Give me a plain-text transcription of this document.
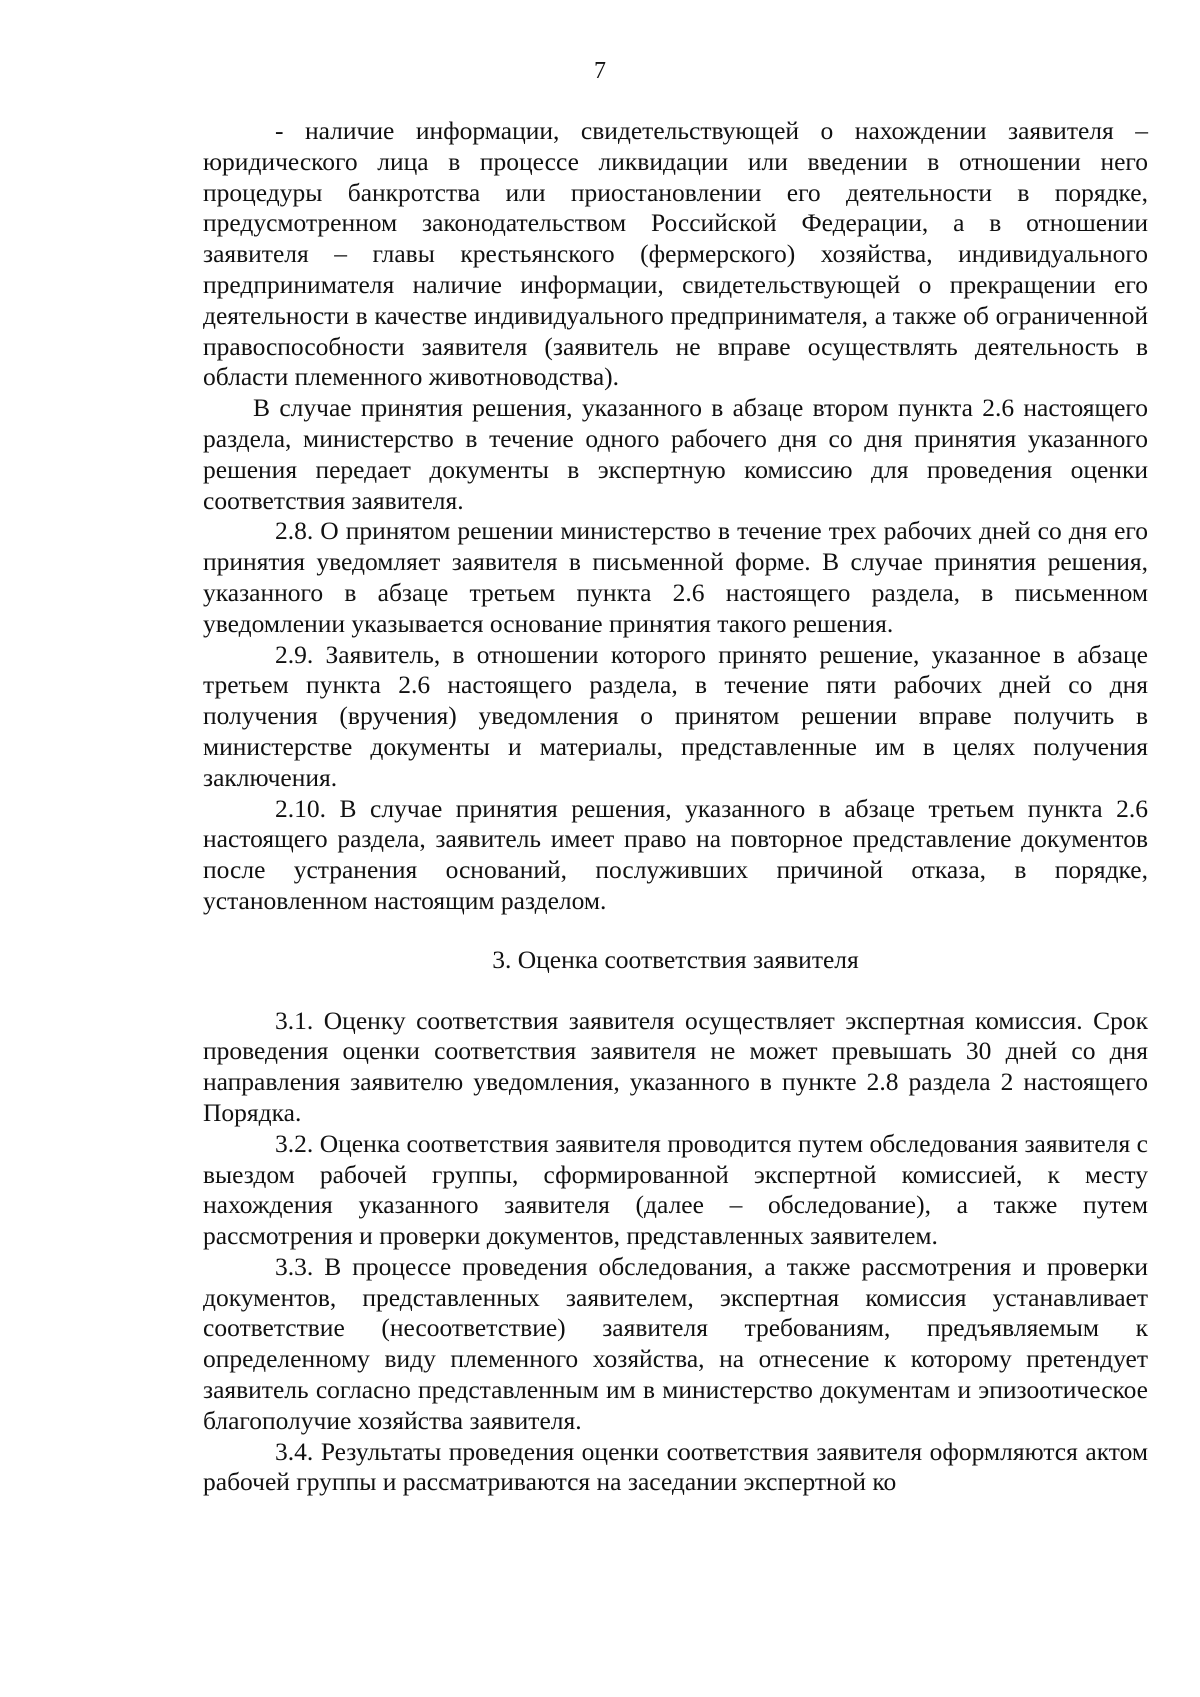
7

- наличие информации, свидетельствующей о нахождении заявителя – юридического лица в процессе ликвидации или введении в отношении него процедуры банкротства или приостановлении его деятельности в порядке, предусмотренном законодательством Российской Федерации, а в отношении заявителя – главы крестьянского (фермерского) хозяйства, индивидуального предпринимателя наличие информации, свидетельствующей о прекращении его деятельности в качестве индивидуального предпринимателя, а также об ограниченной правоспособности заявителя (заявитель не вправе осуществлять деятельность в области племенного животноводства).

В случае принятия решения, указанного в абзаце втором пункта 2.6 настоящего раздела, министерство в течение одного рабочего дня со дня принятия указанного решения передает документы в экспертную комиссию для проведения оценки соответствия заявителя.

2.8. О принятом решении министерство в течение трех рабочих дней со дня его принятия уведомляет заявителя в письменной форме. В случае принятия решения, указанного в абзаце третьем пункта 2.6 настоящего раздела, в письменном уведомлении указывается основание принятия такого решения.

2.9. Заявитель, в отношении которого принято решение, указанное в абзаце третьем пункта 2.6 настоящего раздела, в течение пяти рабочих дней со дня получения (вручения) уведомления о принятом решении вправе получить в министерстве документы и материалы, представленные им в целях получения заключения.

2.10. В случае принятия решения, указанного в абзаце третьем пункта 2.6 настоящего раздела, заявитель имеет право на повторное представление документов после устранения оснований, послуживших причиной отказа, в порядке, установленном настоящим разделом.

3. Оценка соответствия заявителя

3.1. Оценку соответствия заявителя осуществляет экспертная комиссия. Срок проведения оценки соответствия заявителя не может превышать 30 дней со дня направления заявителю уведомления, указанного в пункте 2.8 раздела 2 настоящего Порядка.

3.2. Оценка соответствия заявителя проводится путем обследования заявителя с выездом рабочей группы, сформированной экспертной комиссией, к месту нахождения указанного заявителя (далее – обследование), а также путем рассмотрения и проверки документов, представленных заявителем.

3.3. В процессе проведения обследования, а также рассмотрения и проверки документов, представленных заявителем, экспертная комиссия устанавливает соответствие (несоответствие) заявителя требованиям, предъявляемым к определенному виду племенного хозяйства, на отнесение к которому претендует заявитель согласно представленным им в министерство документам и эпизоотическое благополучие хозяйства заявителя.

3.4. Результаты проведения оценки соответствия заявителя оформляются актом рабочей группы и рассматриваются на заседании экспертной ко
